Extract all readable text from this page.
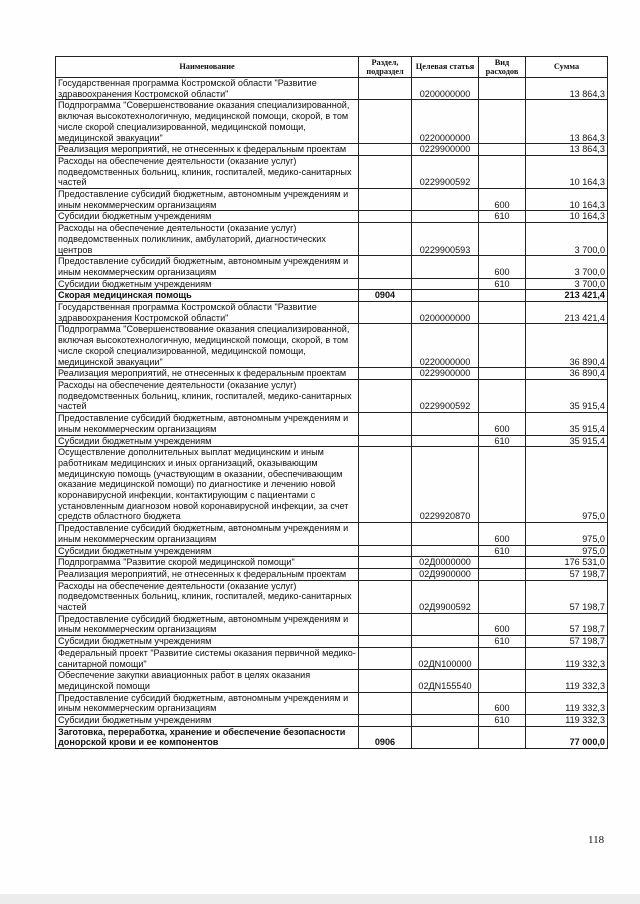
Наименование	Раздел, подраздел	Целевая статья	Вид расходов	Сумма
Государственная программа Костромской области "Развитие здравоохранения Костромской области"		0200000000		13 864,3
Подпрограмма "Совершенствование оказания специализированной, включая высокотехнологичную, медицинской помощи, скорой, в том числе скорой специализированной, медицинской помощи, медицинской эвакуации"		0220000000		13 864,3
Реализация мероприятий, не отнесенных к федеральным проектам		0229900000		13 864,3
Расходы на обеспечение деятельности (оказание услуг) подведомственных больниц, клиник, госпиталей, медико-санитарных частей		0229900592		10 164,3
Предоставление субсидий бюджетным, автономным учреждениям и иным некоммерческим организациям			600	10 164,3
Субсидии бюджетным учреждениям			610	10 164,3
Расходы на обеспечение деятельности (оказание услуг) подведомственных поликлиник, амбулаторий, диагностических центров		0229900593		3 700,0
Предоставление субсидий бюджетным, автономным учреждениям и иным некоммерческим организациям			600	3 700,0
Субсидии бюджетным учреждениям			610	3 700,0
Скорая медицинская помощь	0904			213 421,4
Государственная программа Костромской области "Развитие здравоохранения Костромской области"		0200000000		213 421,4
Подпрограмма "Совершенствование оказания специализированной, включая высокотехнологичную, медицинской помощи, скорой, в том числе скорой специализированной, медицинской помощи, медицинской эвакуации"		0220000000		36 890,4
Реализация мероприятий, не отнесенных к федеральным проектам		0229900000		36 890,4
Расходы на обеспечение деятельности (оказание услуг) подведомственных больниц, клиник, госпиталей, медико-санитарных частей		0229900592		35 915,4
Предоставление субсидий бюджетным, автономным учреждениям и иным некоммерческим организациям			600	35 915,4
Субсидии бюджетным учреждениям			610	35 915,4
Осуществление дополнительных выплат медицинским и иным работникам медицинских и иных организаций, оказывающим медицинскую помощь (участвующим в оказании, обеспечивающим оказание медицинской помощи) по диагностике и лечению новой коронавирусной инфекции, контактирующим с пациентами с установленным диагнозом новой коронавирусной инфекции, за счет средств областного бюджета		0229920870		975,0
Предоставление субсидий бюджетным, автономным учреждениям и иным некоммерческим организациям			600	975,0
Субсидии бюджетным учреждениям			610	975,0
Подпрограмма "Развитие скорой медицинской помощи"		02Д0000000		176 531,0
Реализация мероприятий, не отнесенных к федеральным проектам		02Д9900000		57 198,7
Расходы на обеспечение деятельности (оказание услуг) подведомственных больниц, клиник, госпиталей, медико-санитарных частей		02Д9900592		57 198,7
Предоставление субсидий бюджетным, автономным учреждениям и иным некоммерческим организациям			600	57 198,7
Субсидии бюджетным учреждениям			610	57 198,7
Федеральный проект "Развитие системы оказания первичной медико-санитарной помощи"		02ДN100000		119 332,3
Обеспечение закупки авиационных работ в целях оказания медицинской помощи		02ДN155540		119 332,3
Предоставление субсидий бюджетным, автономным учреждениям и иным некоммерческим организациям			600	119 332,3
Субсидии бюджетным учреждениям			610	119 332,3
Заготовка, переработка, хранение и обеспечение безопасности донорской крови и ее компонентов	0906			77 000,0
118
